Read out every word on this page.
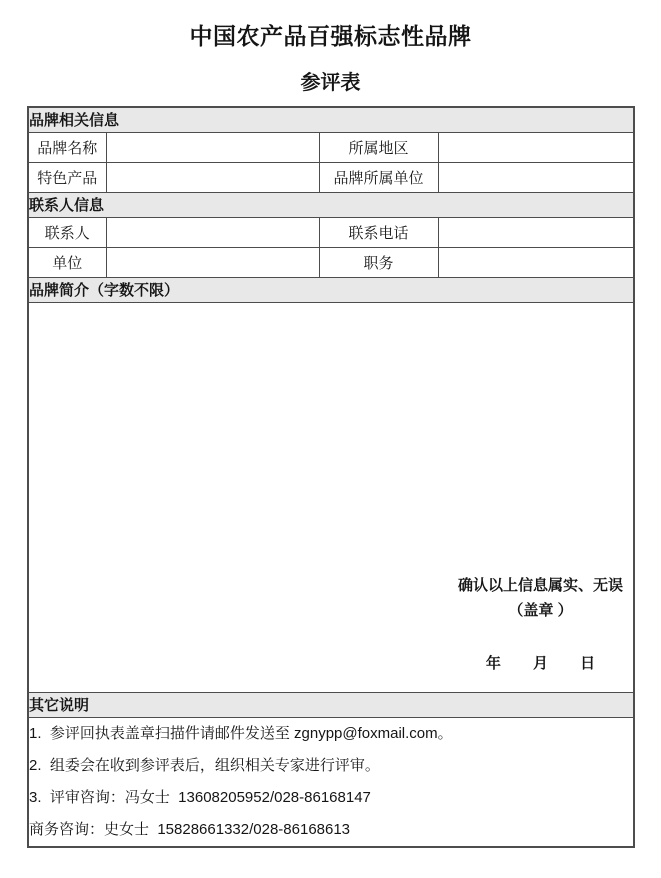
中国农产品百强标志性品牌
参评表
品牌相关信息			
品牌名称		所属地区	
特色产品		品牌所属单位	
联系人信息			
联系人		联系电话	
单位		职务	
品牌简介（字数不限）			

确认以上信息属实、无误
（盖章 ）
年 月 日			

其它说明			

1.  参评回执表盖章扫描件请邮件发送至 zgnypp@foxmail.com。

2.  组委会在收到参评表后，组织相关专家进行评审。

3.  评审咨询：冯女士  13608205952/028-86168147

商务咨询：史女士  15828661332/028-86168613			
